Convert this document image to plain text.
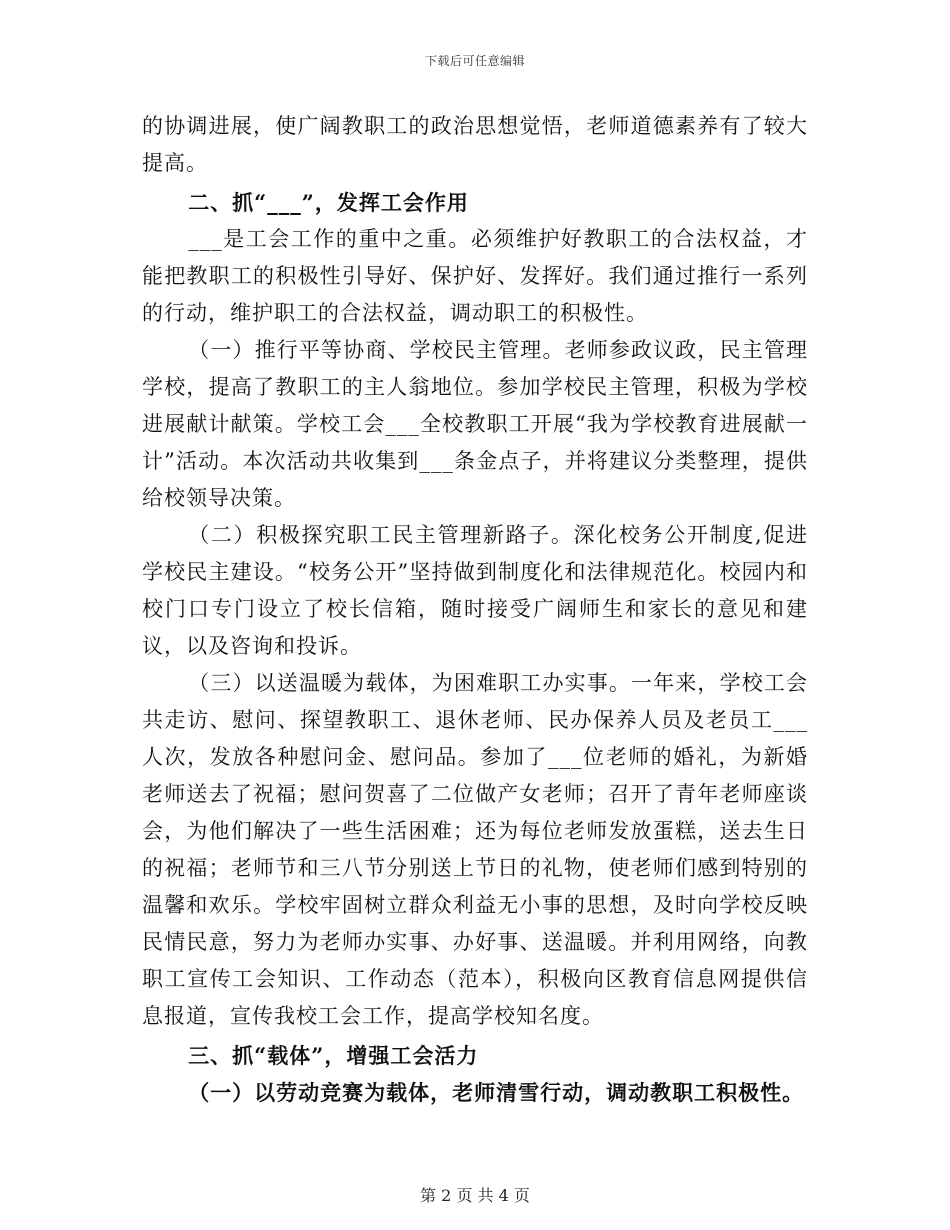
下载后可任意编辑

的协调进展，使广阔教职工的政治思想觉悟，老师道德素养有了较大提高。

二、抓“___”，发挥工会作用

___是工会工作的重中之重。必须维护好教职工的合法权益，才能把教职工的积极性引导好、保护好、发挥好。我们通过推行一系列的行动，维护职工的合法权益，调动职工的积极性。

（一）推行平等协商、学校民主管理。老师参政议政，民主管理学校，提高了教职工的主人翁地位。参加学校民主管理，积极为学校进展献计献策。学校工会___全校教职工开展“我为学校教育进展献一计”活动。本次活动共收集到___条金点子，并将建议分类整理，提供给校领导决策。

（二）积极探究职工民主管理新路子。深化校务公开制度,促进学校民主建设。“校务公开”坚持做到制度化和法律规范化。校园内和校门口专门设立了校长信箱，随时接受广阔师生和家长的意见和建议，以及咨询和投诉。

（三）以送温暖为载体，为困难职工办实事。一年来，学校工会共走访、慰问、探望教职工、退休老师、民办保养人员及老员工___人次，发放各种慰问金、慰问品。参加了___位老师的婚礼，为新婚老师送去了祝福；慰问贺喜了二位做产女老师；召开了青年老师座谈会，为他们解决了一些生活困难；还为每位老师发放蛋糕，送去生日的祝福；老师节和三八节分别送上节日的礼物，使老师们感到特别的温馨和欢乐。学校牢固树立群众利益无小事的思想，及时向学校反映民情民意，努力为老师办实事、办好事、送温暖。并利用网络，向教职工宣传工会知识、工作动态（范本），积极向区教育信息网提供信息报道，宣传我校工会工作，提高学校知名度。

三、抓“载体”，增强工会活力

（一）以劳动竞赛为载体，老师清雪行动，调动教职工积极性。

第 2 页 共 4 页
